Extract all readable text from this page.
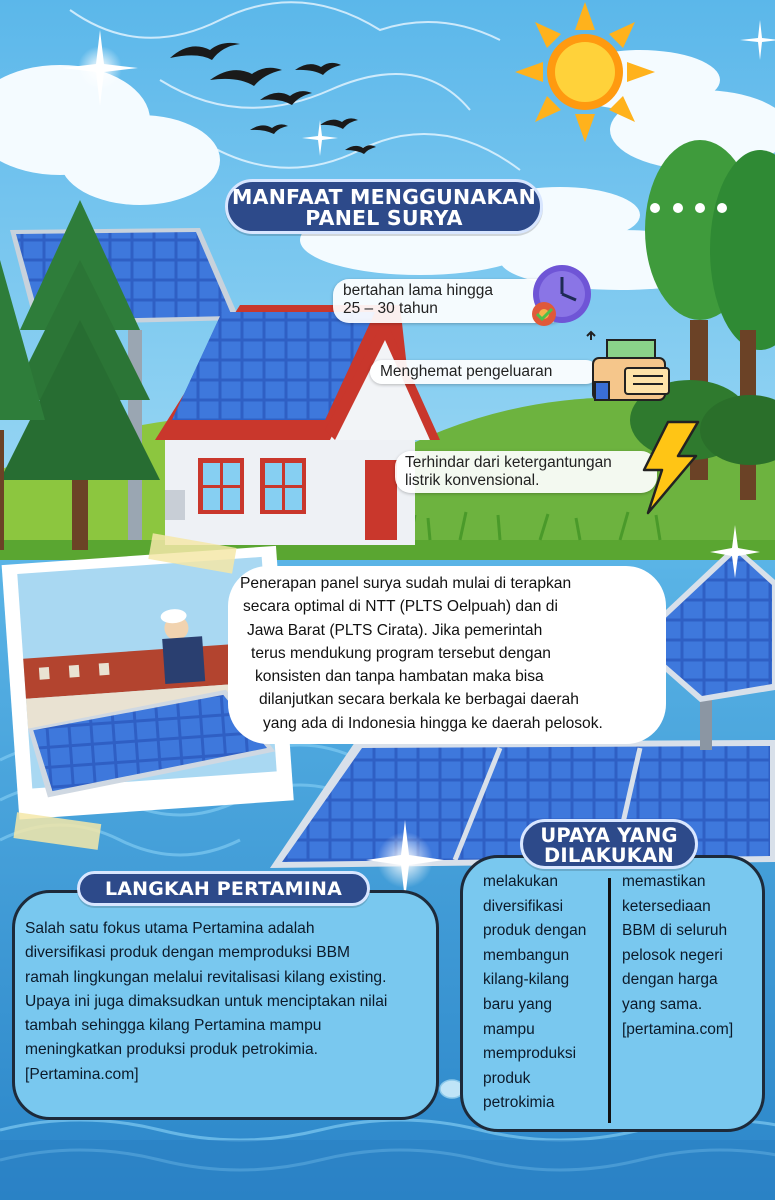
MANFAAT MENGGUNAKAN
PANEL SURYA
bertahan lama hingga
25 – 30 tahun
Menghemat pengeluaran
Terhindar dari ketergantungan
listrik konvensional.
Penerapan panel surya sudah mulai di terapkan
secara optimal di NTT (PLTS Oelpuah) dan di
Jawa Barat (PLTS Cirata). Jika pemerintah
terus mendukung program tersebut dengan
konsisten dan tanpa hambatan maka bisa
dilanjutkan secara berkala ke berbagai daerah
yang ada di Indonesia hingga ke daerah pelosok.
melakukan
diversifikasi
produk dengan
membangun
kilang-kilang
baru yang
mampu
memproduksi
produk
petrokimia
memastikan
ketersediaan
BBM di seluruh
pelosok negeri
dengan harga
yang sama.
[pertamina.com]
UPAYA YANG
DILAKUKAN
Salah satu fokus utama Pertamina adalah
diversifikasi produk dengan memproduksi BBM
ramah lingkungan melalui revitalisasi kilang existing.
Upaya ini juga dimaksudkan untuk menciptakan nilai
tambah sehingga kilang Pertamina mampu
meningkatkan produksi produk petrokimia.
[Pertamina.com]
LANGKAH PERTAMINA
